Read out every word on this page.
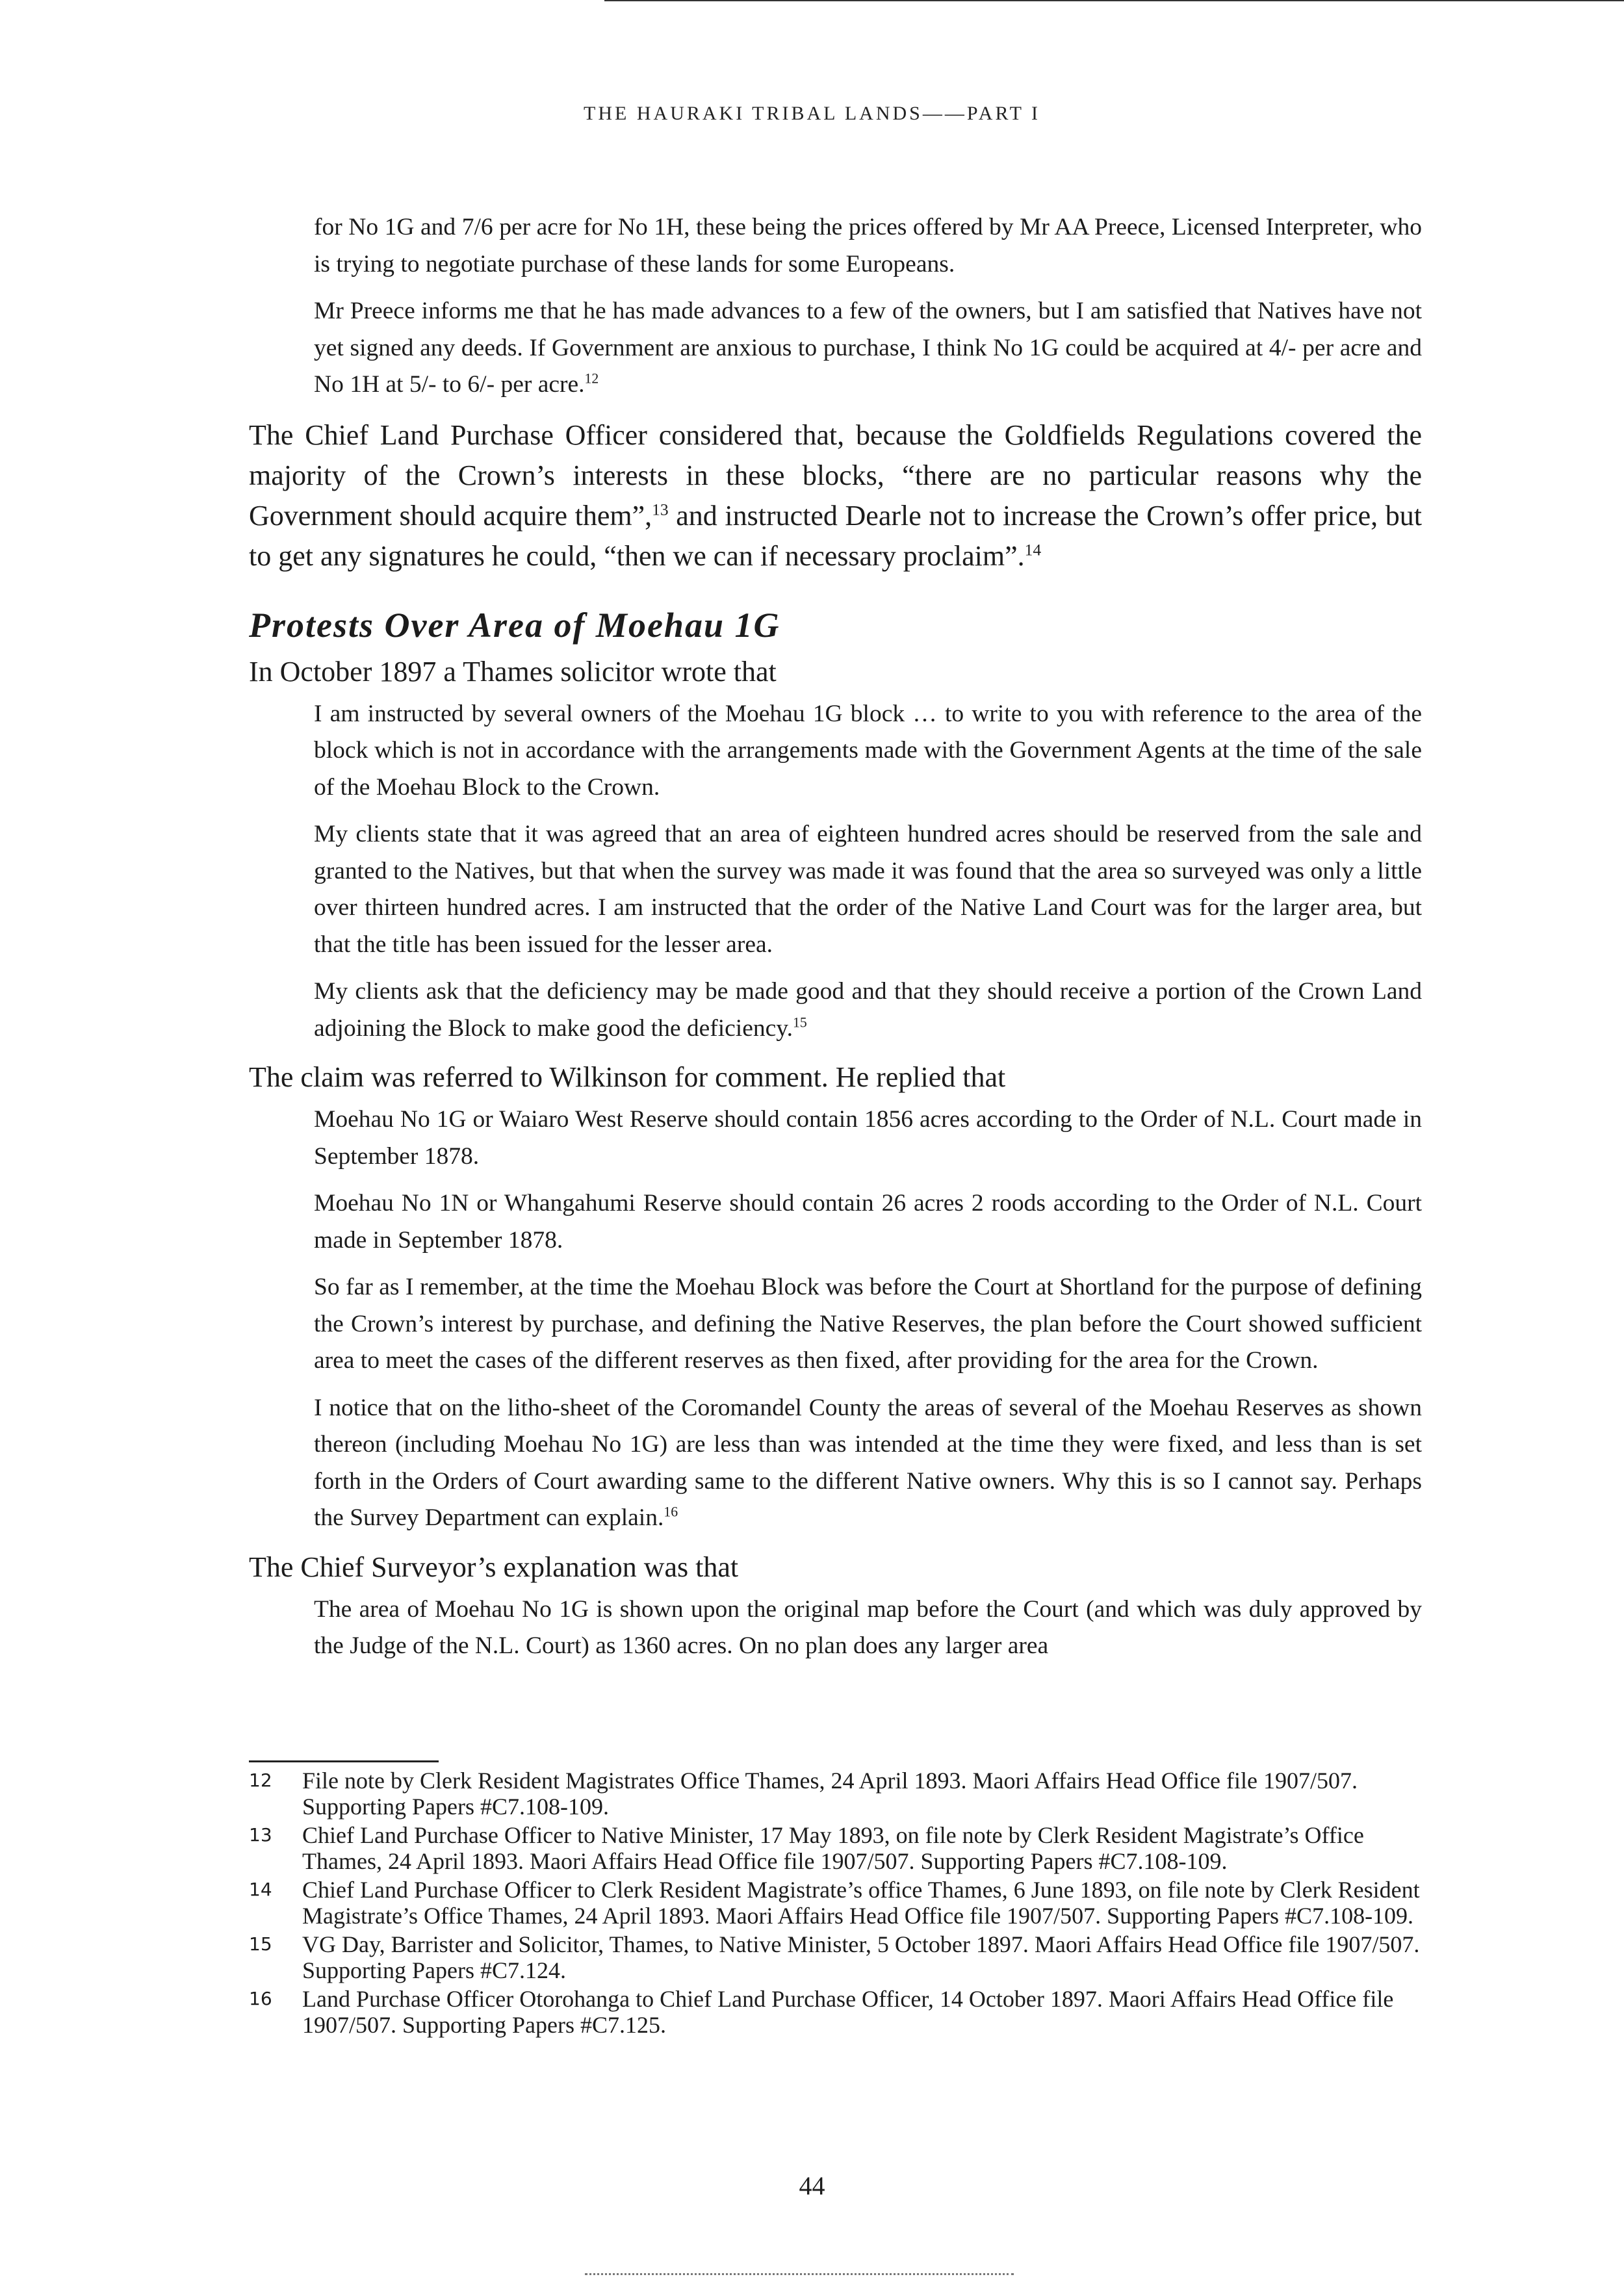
THE HAURAKI TRIBAL LANDS——PART I

for No 1G and 7/6 per acre for No 1H, these being the prices offered by Mr AA Preece, Licensed Interpreter, who is trying to negotiate purchase of these lands for some Europeans.

Mr Preece informs me that he has made advances to a few of the owners, but I am satisfied that Natives have not yet signed any deeds. If Government are anxious to purchase, I think No 1G could be acquired at 4/- per acre and No 1H at 5/- to 6/- per acre.$^{12}$

The Chief Land Purchase Officer considered that, because the Goldfields Regulations covered the majority of the Crown’s interests in these blocks, “there are no particular reasons why the Government should acquire them”,$^{13}$ and instructed Dearle not to increase the Crown’s offer price, but to get any signatures he could, “then we can if necessary proclaim”.$^{14}$

Protests Over Area of Moehau 1G

In October 1897 a Thames solicitor wrote that

I am instructed by several owners of the Moehau 1G block … to write to you with reference to the area of the block which is not in accordance with the arrangements made with the Government Agents at the time of the sale of the Moehau Block to the Crown.

My clients state that it was agreed that an area of eighteen hundred acres should be reserved from the sale and granted to the Natives, but that when the survey was made it was found that the area so surveyed was only a little over thirteen hundred acres. I am instructed that the order of the Native Land Court was for the larger area, but that the title has been issued for the lesser area.

My clients ask that the deficiency may be made good and that they should receive a portion of the Crown Land adjoining the Block to make good the deficiency.$^{15}$

The claim was referred to Wilkinson for comment. He replied that

Moehau No 1G or Waiaro West Reserve should contain 1856 acres according to the Order of N.L. Court made in September 1878.

Moehau No 1N or Whangahumi Reserve should contain 26 acres 2 roods according to the Order of N.L. Court made in September 1878.

So far as I remember, at the time the Moehau Block was before the Court at Shortland for the purpose of defining the Crown’s interest by purchase, and defining the Native Reserves, the plan before the Court showed sufficient area to meet the cases of the different reserves as then fixed, after providing for the area for the Crown.

I notice that on the litho-sheet of the Coromandel County the areas of several of the Moehau Reserves as shown thereon (including Moehau No 1G) are less than was intended at the time they were fixed, and less than is set forth in the Orders of Court awarding same to the different Native owners. Why this is so I cannot say. Perhaps the Survey Department can explain.$^{16}$

The Chief Surveyor’s explanation was that

The area of Moehau No 1G is shown upon the original map before the Court (and which was duly approved by the Judge of the N.L. Court) as 1360 acres. On no plan does any larger area

12	File note by Clerk Resident Magistrates Office Thames, 24 April 1893. Maori Affairs Head Office file 1907/507. Supporting Papers #C7.108-109.
13	Chief Land Purchase Officer to Native Minister, 17 May 1893, on file note by Clerk Resident Magistrate’s Office Thames, 24 April 1893. Maori Affairs Head Office file 1907/507. Supporting Papers #C7.108-109.
14	Chief Land Purchase Officer to Clerk Resident Magistrate’s office Thames, 6 June 1893, on file note by Clerk Resident Magistrate’s Office Thames, 24 April 1893. Maori Affairs Head Office file 1907/507. Supporting Papers #C7.108-109.
15	VG Day, Barrister and Solicitor, Thames, to Native Minister, 5 October 1897. Maori Affairs Head Office file 1907/507. Supporting Papers #C7.124.
16	Land Purchase Officer Otorohanga to Chief Land Purchase Officer, 14 October 1897. Maori Affairs Head Office file 1907/507. Supporting Papers #C7.125.
44
